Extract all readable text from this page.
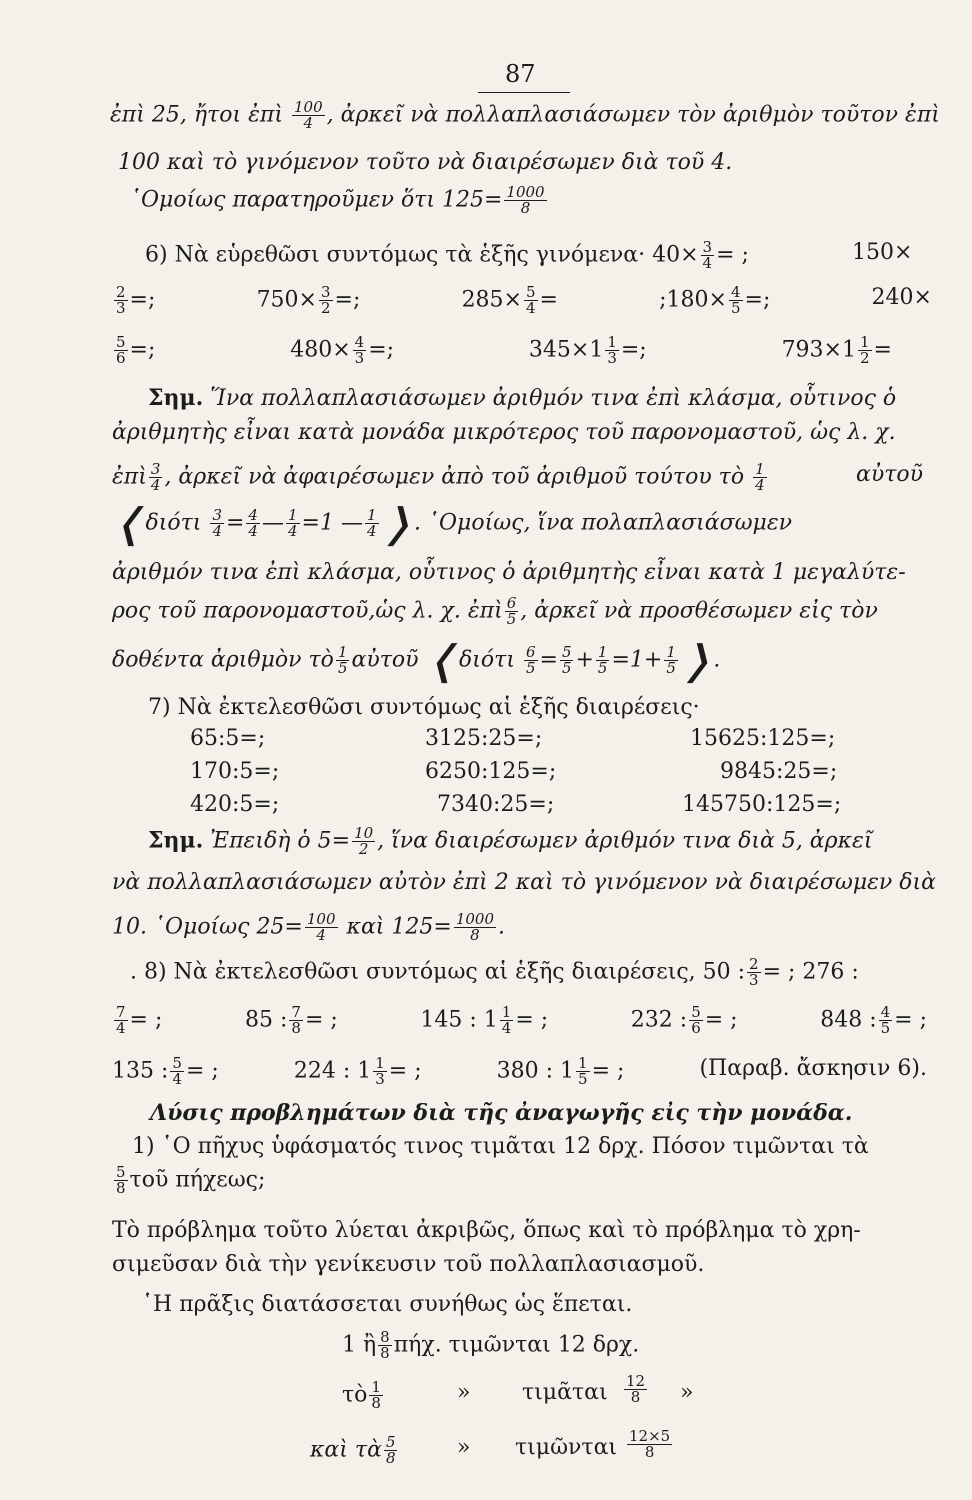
87
ἐπὶ 25, ἤτοι ἐπὶ $\frac{100}{4}$ , ἀρκεῖ νὰ πολλαπλασιάσωμεν τὸν ἀριθμὸν τοῦτον ἐπὶ
100 καὶ τὸ γινόμενον τοῦτο νὰ διαιρέσωμεν διὰ τοῦ 4.
῾Ομοίως παρατηροῦμεν ὅτι $125= \frac{1000}{8}$
6) Νὰ εὑρεθῶσι συντόμως τὰ ἑξῆς $\gamma\iota\nu ό\mu\varepsilon\nu\alpha\cdot 40\times \frac{3}{4}$ = ;	150×
$\frac{2}{3}$ =;	$750\times \frac{3}{2}$ =;	$285\times \frac{5}{4}$ =	;180× $\frac{4}{5}$ =;	240×
$\frac{5}{6}$ =;	$480\times \frac{4}{3}$ =;	$345\times 1 \frac{1}{3}$ =;	$793\times 1 \frac{1}{2}$ =
Σημ. Ἵνα πολλαπλασιάσωμεν ἀριθμόν τινα ἐπὶ κλάσμα, οὗτινος ὁ
ἀριθμητὴς εἶναι κατὰ μονάδα μικρότερος τοῦ παρονομαστοῦ, ὡς λ. χ.
ἐπὶ $\frac{3}{4}$ , ἀρκεῖ νὰ ἀφαιρέσωμεν ἀπὸ τοῦ ἀριθμοῦ τούτου τὸ $\frac{1}{4}$	αὐτοῦ
❬διότι $\frac{3}{4} = \frac{4}{4}$ — $\frac{1}{4} =1$ — $\frac{1}{4}$ ❭. ῾Ομοίως, ἵνα πολαπλασιάσωμεν
ἀριθμόν τινα ἐπὶ κλάσμα, οὗτινος ὁ ἀριθμητὴς εἶναι κατὰ 1 μεγαλύτε-
ρος τοῦ παρονομαστοῦ,ὡς λ. χ. ἐπὶ $\frac{6}{5}$ , ἀρκεῖ νὰ προσθέσωμεν εἰς τὸν
δοθέντα ἀριθμὸν τὸ $\frac{1}{5}$ αὐτοῦ ❬διότι $\frac{6}{5} = \frac{5}{5} + \frac{1}{5} =1+ \frac{1}{5}$ ❭.
7) Νὰ ἐκτελεσθῶσι συντόμως αἱ ἑξῆς διαιρέσεις·
65:5=;	3125:25=;	15625:125=;
170:5=;	6250:125=;	9845:25=;
420:5=;	7340:25=;	145750:125=;
Σημ. Ἐπειδὴ ὁ $5= \frac{10}{2}$ , ἵνα διαιρέσωμεν ἀριθμόν τινα διὰ 5, ἀρκεῖ
νὰ πολλαπλασιάσωμεν αὐτὸν ἐπὶ 2 καὶ τὸ γινόμενον νὰ διαιρέσωμεν διὰ
10. ῾Ομοίως $25= \frac{100}{4}$ καὶ $125= \frac{1000}{8}$ .
. 8) Νὰ ἐκτελεσθῶσι συντόμως αἱ ἑξῆς διαιρέσεις, 50 : $\frac{2}{3}$ = ; 276 :
$\frac{7}{4}$ = ;	85 : $\frac{7}{8}$ = ;	145 : $1 \frac{1}{4}$ = ;	232 : $\frac{5}{6}$ = ;	848 : $\frac{4}{5}$ = ;
135 : $\frac{5}{4}$ = ;	224 : $1 \frac{1}{3}$ = ;	380 : $1 \frac{1}{5}$ = ;	(Παραβ. ἄσκησιν 6).
Λύσις προβλημάτων διὰ τῆς ἀναγωγῆς εἰς τὴν μονάδα.
1) ῾Ο πῆχυς ὑφάσματός τινος τιμᾶται 12 δρχ. Πόσον τιμῶνται τὰ
$\frac{5}{8}$ τοῦ πήχεως;
Τὸ πρόβλημα τοῦτο λύεται ἀκριβῶς, ὅπως καὶ τὸ πρόβλημα τὸ χρη-
σιμεῦσαν διὰ τὴν γενίκευσιν τοῦ πολλαπλασιασμοῦ.
῾Η πρᾶξις διατάσσεται συνήθως ὡς ἕπεται.
1 ἢ $\frac{8}{8} \pi ή\chi$. τιμῶνται 12 δρχ.
τὸ $\frac{1}{8}$	» τιμᾶται $\frac{12}{8}$ »
καὶ τὰ $\frac{5}{8}$	» τιμῶνται $\frac{12\times 5}{8}$
